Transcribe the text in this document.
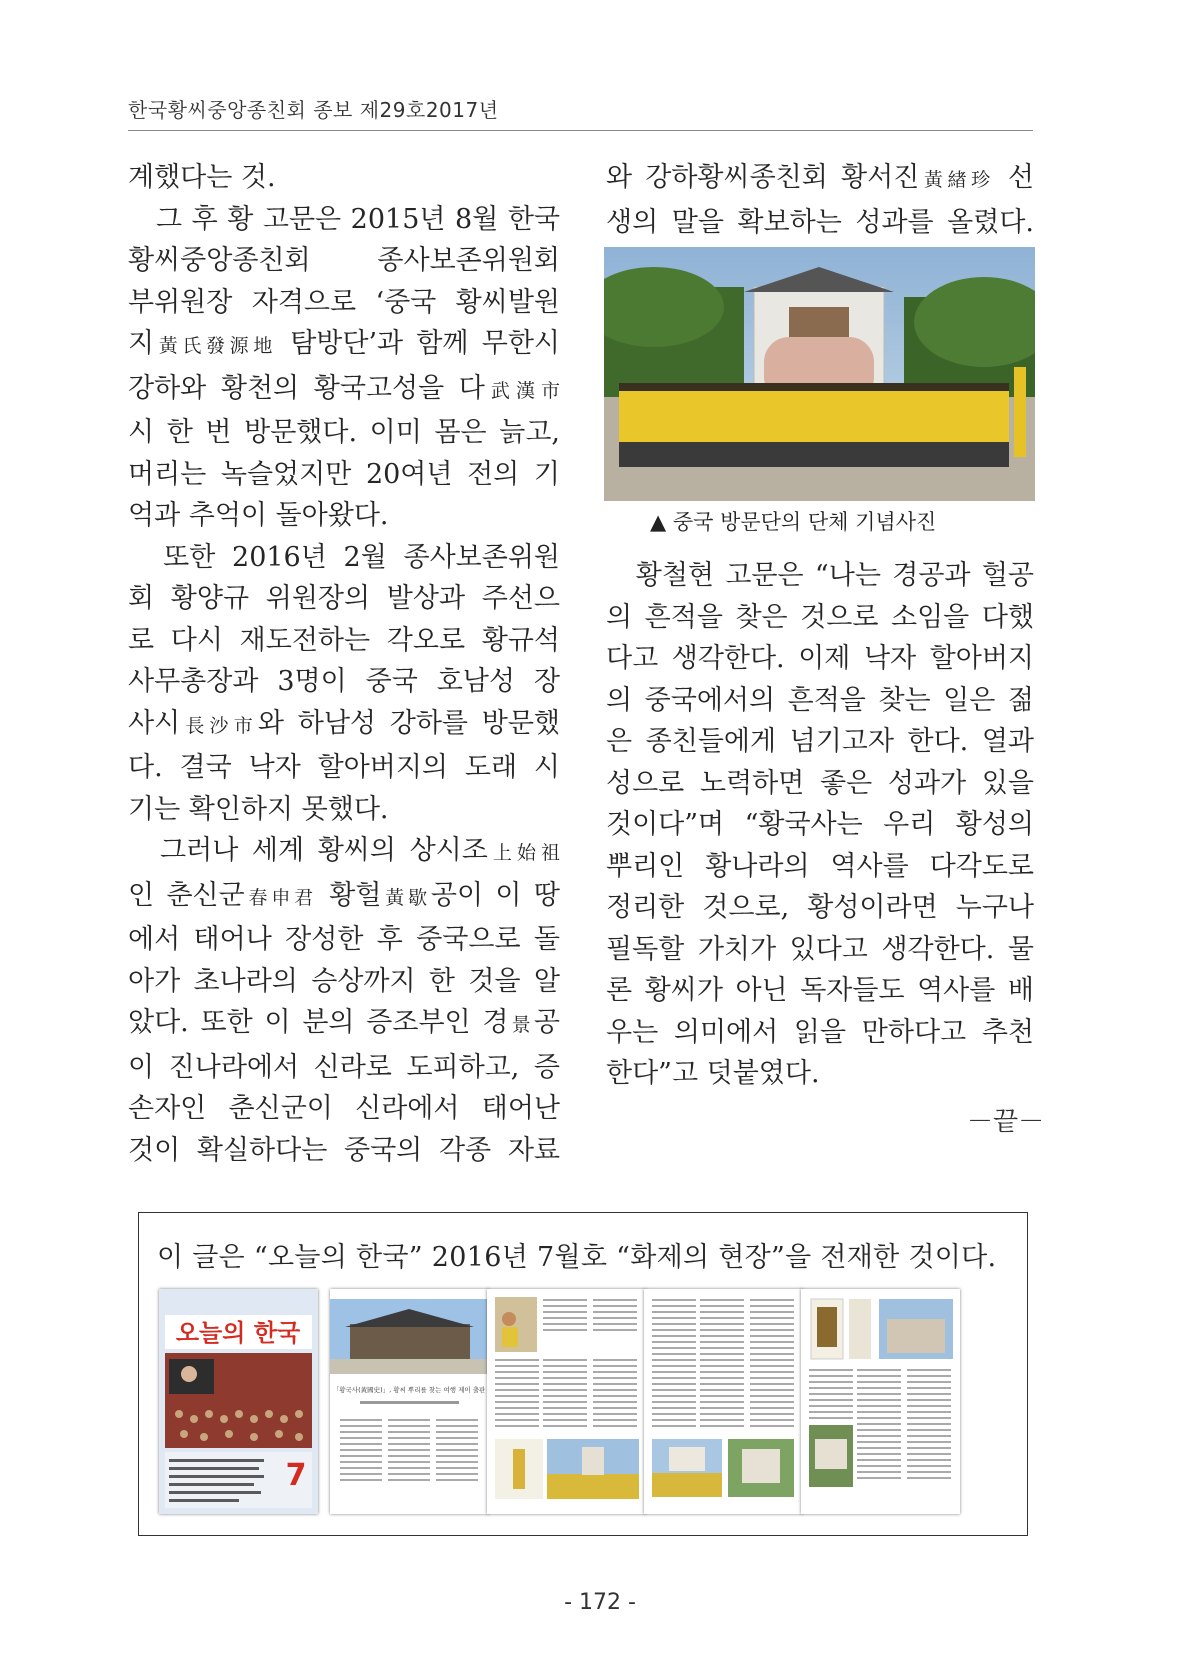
한국황씨중앙종친회 종보 제29호2017년

계했다는 것.

　그 후 황 고문은 2015년 8월 한국

황씨중앙종친회 종사보존위원회

부위원장 자격으로 ‘중국 황씨발원

지黃氏發源地 탐방단’과 함께 무한시

강하와 황천의 황국고성을 다武漢市

시 한 번 방문했다. 이미 몸은 늙고,

머리는 녹슬었지만 20여년 전의 기

억과 추억이 돌아왔다.

　또한 2016년 2월 종사보존위원

회 황양규 위원장의 발상과 주선으

로 다시 재도전하는 각오로 황규석

사무총장과 3명이 중국 호남성 장

사시長沙市와 하남성 강하를 방문했

다. 결국 낙자 할아버지의 도래 시

기는 확인하지 못했다.

　그러나 세계 황씨의 상시조上始祖

인 춘신군春申君 황헐黃歇공이 이 땅

에서 태어나 장성한 후 중국으로 돌

아가 초나라의 승상까지 한 것을 알

았다. 또한 이 분의 증조부인 경景공

이 진나라에서 신라로 도피하고, 증

손자인 춘신군이 신라에서 태어난

것이 확실하다는 중국의 각종 자료

와 강하황씨종친회 황서진黃緖珍 선

생의 말을 확보하는 성과를 올렸다.

▲ 중국 방문단의 단체 기념사진

　황철현 고문은 “나는 경공과 헐공

의 흔적을 찾은 것으로 소임을 다했

다고 생각한다. 이제 낙자 할아버지

의 중국에서의 흔적을 찾는 일은 젊

은 종친들에게 넘기고자 한다. 열과

성으로 노력하면 좋은 성과가 있을

것이다”며 “황국사는 우리 황성의

뿌리인 황나라의 역사를 다각도로

정리한 것으로, 황성이라면 누구나

필독할 가치가 있다고 생각한다. 물

론 황씨가 아닌 독자들도 역사를 배

우는 의미에서 읽을 만하다고 추천

한다”고 덧붙였다.

－끝－
이 글은 “오늘의 한국” 2016년 7월호 “화제의 현장”을 전재한 것이다.
오늘의 한국
7
「황국사(黃國史)」, 황씨 뿌리를 찾는 여행 제이 출판
- 172 -
